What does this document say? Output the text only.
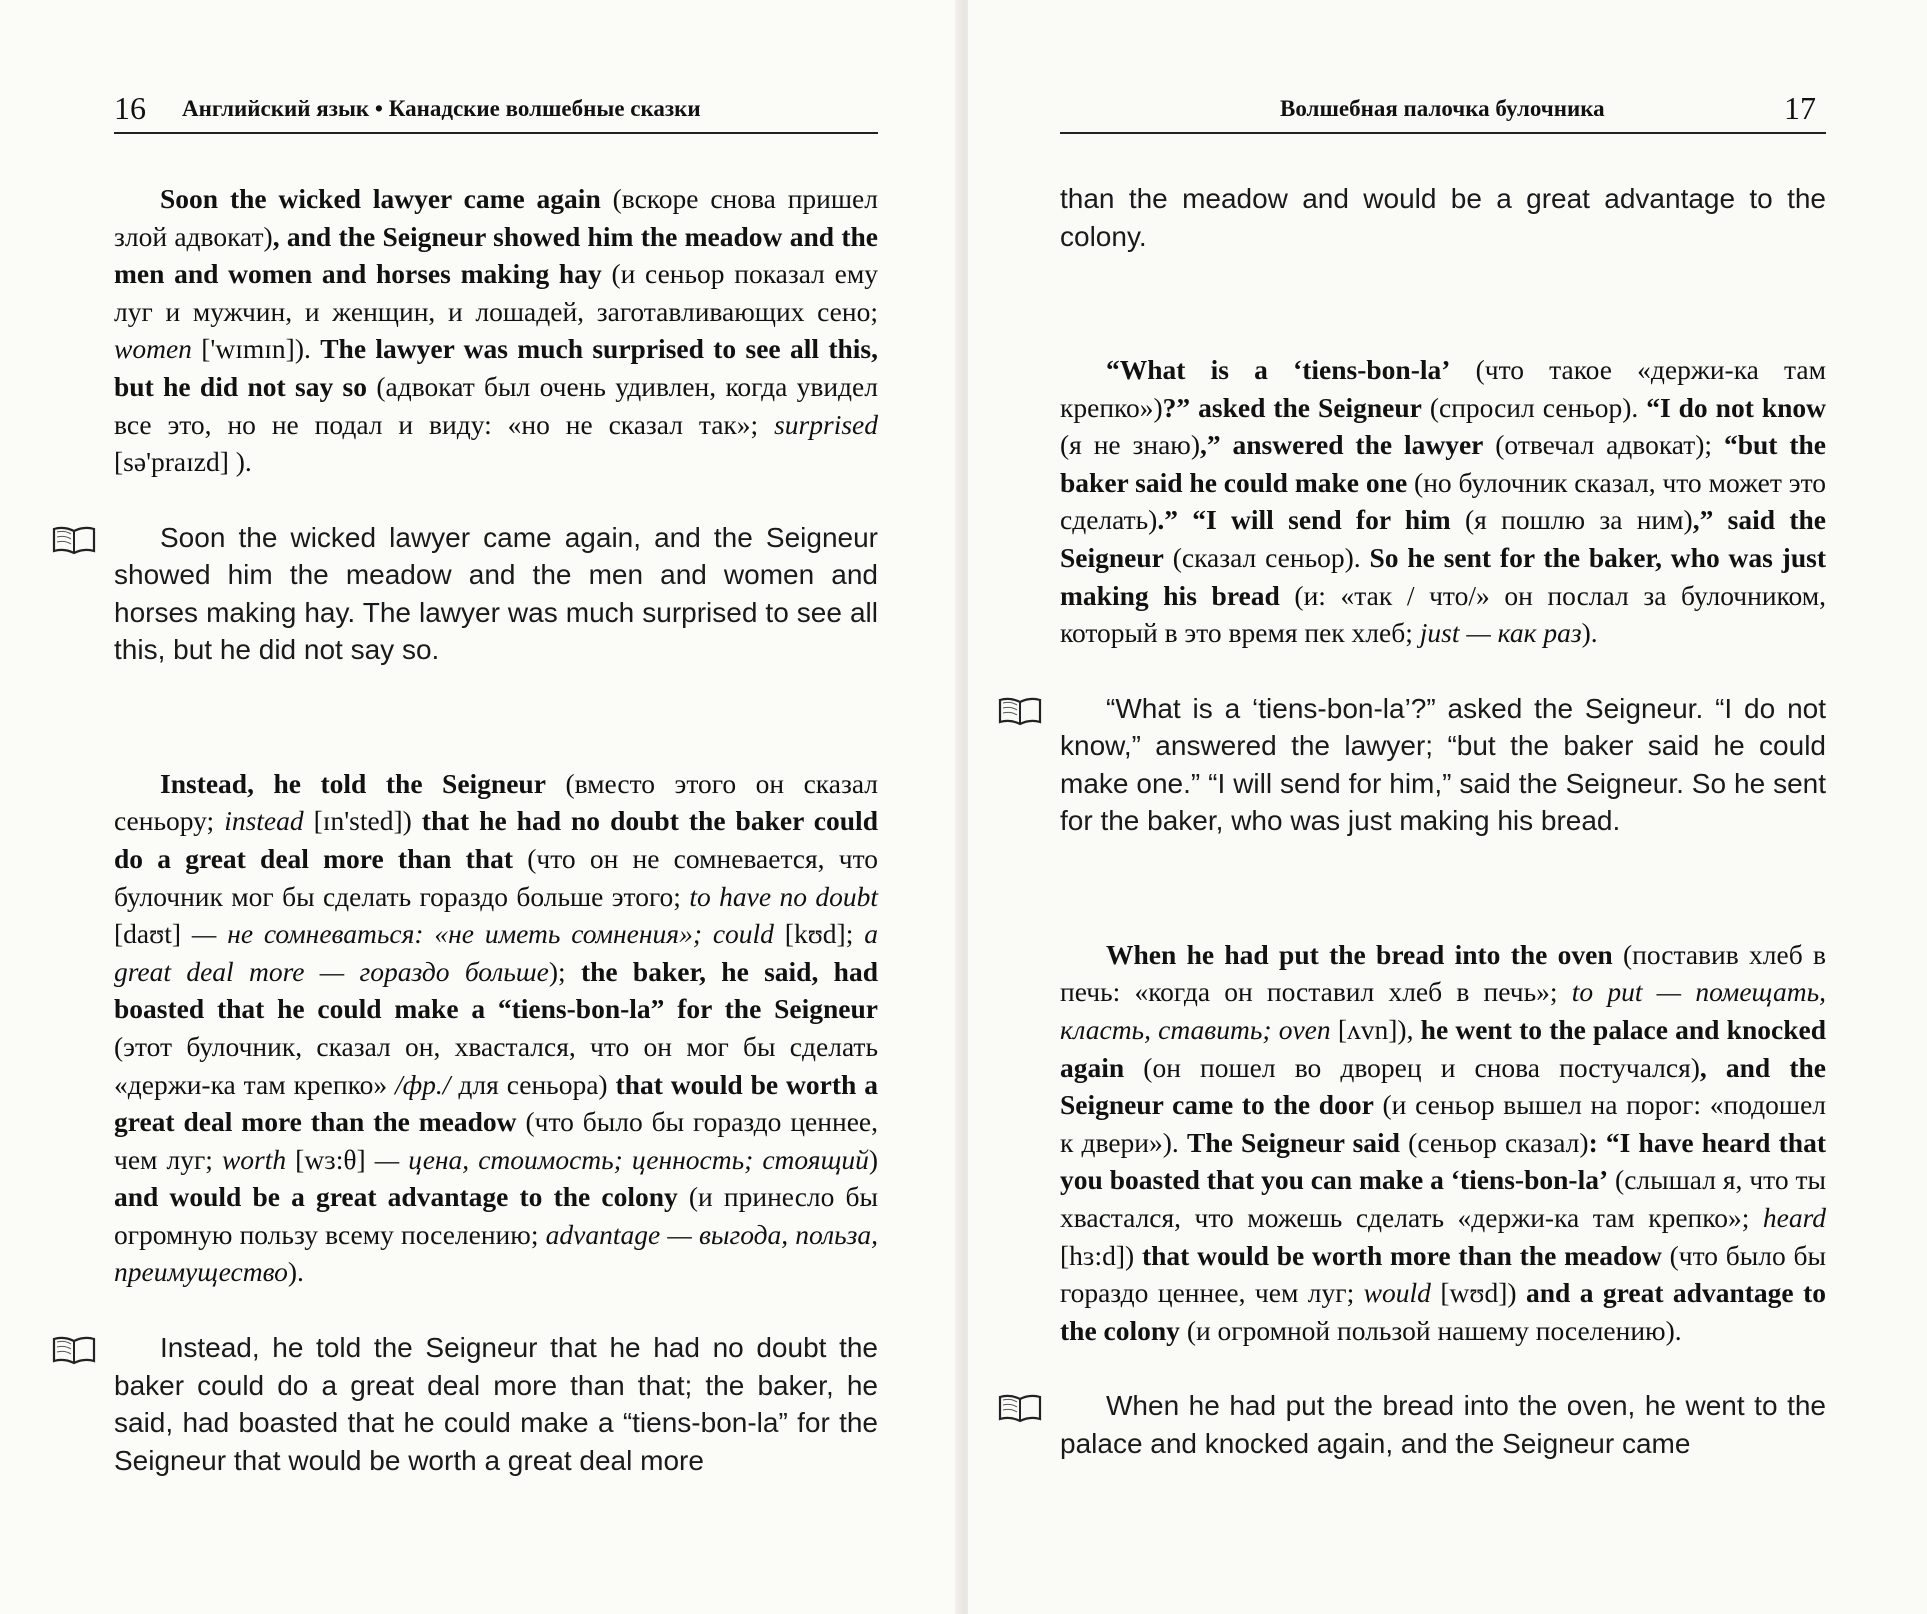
16 Английский язык • Канадские волшебные сказки

Soon the wicked lawyer came again (вскоре снова пришел злой адвокат), and the Seigneur showed him the meadow and the men and women and horses making hay (и сеньор показал ему луг и мужчин, и женщин, и лошадей, заготавливающих сено; women ['wɪmɪn]). The lawyer was much surprised to see all this, but he did not say so (адвокат был очень удивлен, когда увидел все это, но не подал и виду: «но не сказал так»; surprised [sə'praɪzd] ).

Soon the wicked lawyer came again, and the Seigneur showed him the meadow and the men and women and horses making hay. The lawyer was much surprised to see all this, but he did not say so.

Instead, he told the Seigneur (вместо этого он сказал сеньору; instead [ɪn'sted]) that he had no doubt the baker could do a great deal more than that (что он не сомневается, что булочник мог бы сделать гораздо больше этого; to have no doubt [daʊt] — не сомневаться: «не иметь сомнения»; could [kʊd]; a great deal more — гораздо больше); the baker, he said, had boasted that he could make a “tiens-bon-la” for the Seigneur (этот булочник, сказал он, хвастался, что он мог бы сделать «держи-ка там крепко» /фр./ для сеньора) that would be worth a great deal more than the meadow (что было бы гораздо ценнее, чем луг; worth [wɜ:θ] — цена, стоимость; ценность; стоящий) and would be a great advantage to the colony (и принесло бы огромную пользу всему поселению; advantage — выгода, польза, преимущество).

Instead, he told the Seigneur that he had no doubt the baker could do a great deal more than that; the baker, he said, had boasted that he could make a “tiens-bon-la” for the Seigneur that would be worth a great deal more

Волшебная палочка булочника	17

than the meadow and would be a great advantage to the colony.

“What is a ‘tiens-bon-la’ (что такое «держи-ка там крепко»)?” asked the Seigneur (спросил сеньор). “I do not know (я не знаю),” answered the lawyer (отвечал адвокат); “but the baker said he could make one (но булочник сказал, что может это сделать).” “I will send for him (я пошлю за ним),” said the Seigneur (сказал сеньор). So he sent for the baker, who was just making his bread (и: «так / что/» он послал за булочником, который в это время пек хлеб; just — как раз).

“What is a ‘tiens-bon-la’?” asked the Seigneur. “I do not know,” answered the lawyer; “but the baker said he could make one.” “I will send for him,” said the Seigneur. So he sent for the baker, who was just making his bread.

When he had put the bread into the oven (поставив хлеб в печь: «когда он поставил хлеб в печь»; to put — помещать, класть, ставить; oven [ʌvn]), he went to the palace and knocked again (он пошел во дворец и снова постучался), and the Seigneur came to the door (и сеньор вышел на порог: «подошел к двери»). The Seigneur said (сеньор сказал): “I have heard that you boasted that you can make a ‘tiens-bon-la’ (слышал я, что ты хвастался, что можешь сделать «держи-ка там крепко»; heard [hɜ:d]) that would be worth more than the meadow (что было бы гораздо ценнее, чем луг; would [wʊd]) and a great advantage to the colony (и огромной пользой нашему поселению).

When he had put the bread into the oven, he went to the palace and knocked again, and the Seigneur came
